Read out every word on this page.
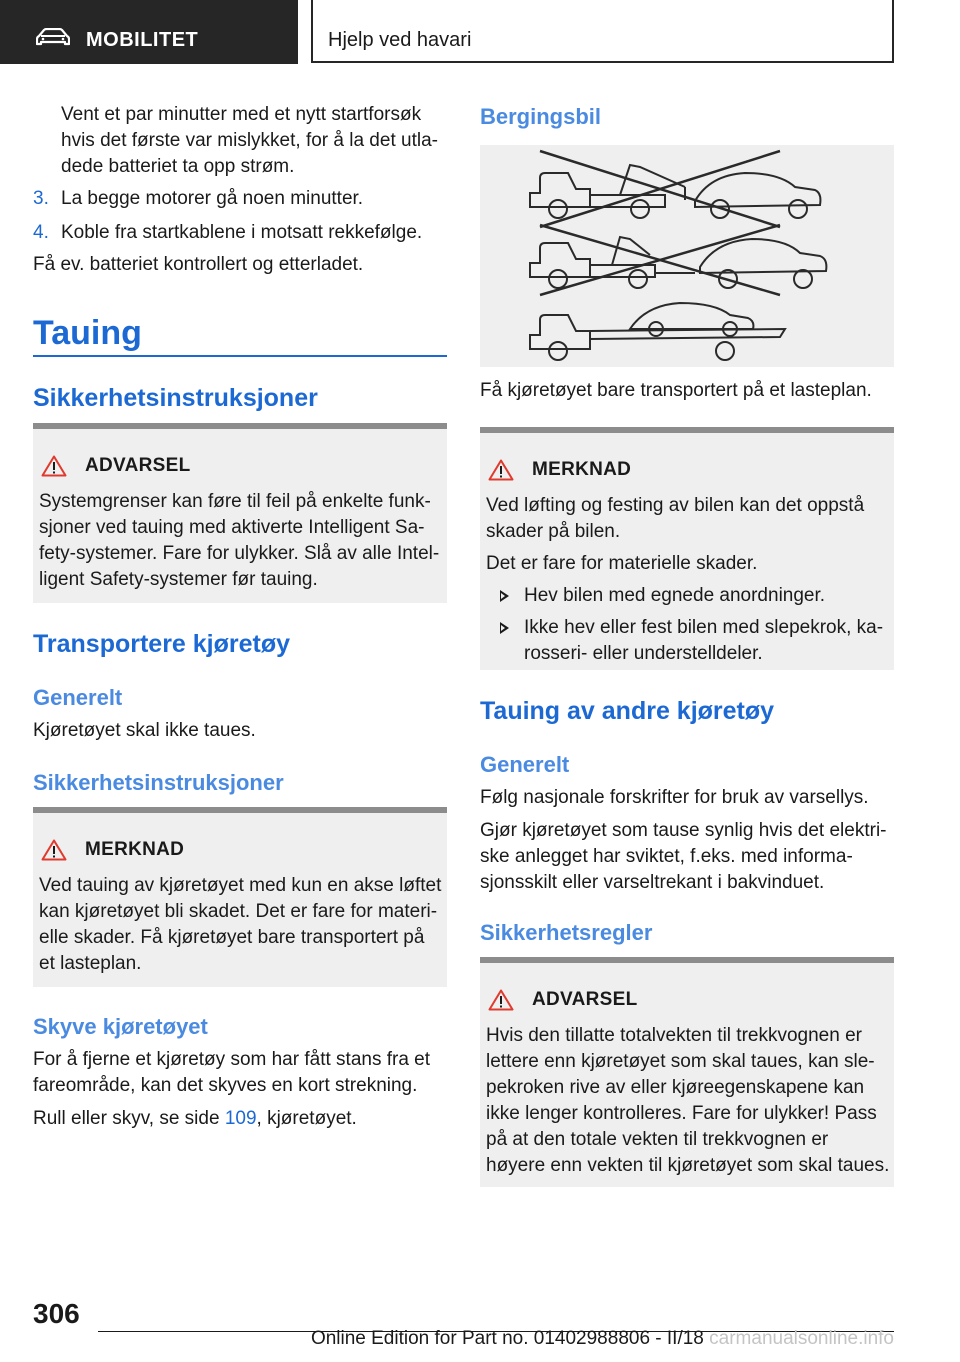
MOBILITET	Hjelp ved havari

Vent et par minutter med et nytt startforsøk hvis det første var mislykket, for å la det utladede batteriet ta opp strøm.

3. La begge motorer gå noen minutter.
4. Koble fra startkablene i motsatt rekkefølge.

Få ev. batteriet kontrollert og etterladet.

Tauing
Sikkerhetsinstruksjoner
ADVARSEL

Systemgrenser kan føre til feil på enkelte funksjoner ved tauing med aktiverte Intelligent Safety-systemer. Fare for ulykker. Slå av alle Intelligent Safety-systemer før tauing.

Transportere kjøretøy
Generelt

Kjøretøyet skal ikke taues.

Sikkerhetsinstruksjoner
MERKNAD

Ved tauing av kjøretøyet med kun en akse løftet kan kjøretøyet bli skadet. Det er fare for materielle skader. Få kjøretøyet bare transportert på et lasteplan.

Skyve kjøretøyet

For å fjerne et kjøretøy som har fått stans fra et fareområde, kan det skyves en kort strekning.

Rull eller skyv, se side 109, kjøretøyet.

Bergingsbil

Få kjøretøyet bare transportert på et lasteplan.

MERKNAD

Ved løfting og festing av bilen kan det oppstå skader på bilen.

Det er fare for materielle skader.

Hev bilen med egnede anordninger.
Ikke hev eller fest bilen med slepekrok, karosseri- eller understelldeler.
Tauing av andre kjøretøy
Generelt

Følg nasjonale forskrifter for bruk av varsellys.

Gjør kjøretøyet som tause synlig hvis det elektriske anlegget har sviktet, f.eks. med informasjonsskilt eller varseltrekant i bakvinduet.

Sikkerhetsregler
ADVARSEL

Hvis den tillatte totalvekten til trekkvognen er lettere enn kjøretøyet som skal taues, kan slepekroken rive av eller kjøreegenskapene kan ikke lenger kontrolleres. Fare for ulykker! Pass på at den totale vekten til trekkvognen er høyere enn vekten til kjøretøyet som skal taues.

306

Online Edition for Part no. 01402988806 - II/18 carmanualsonline.info
